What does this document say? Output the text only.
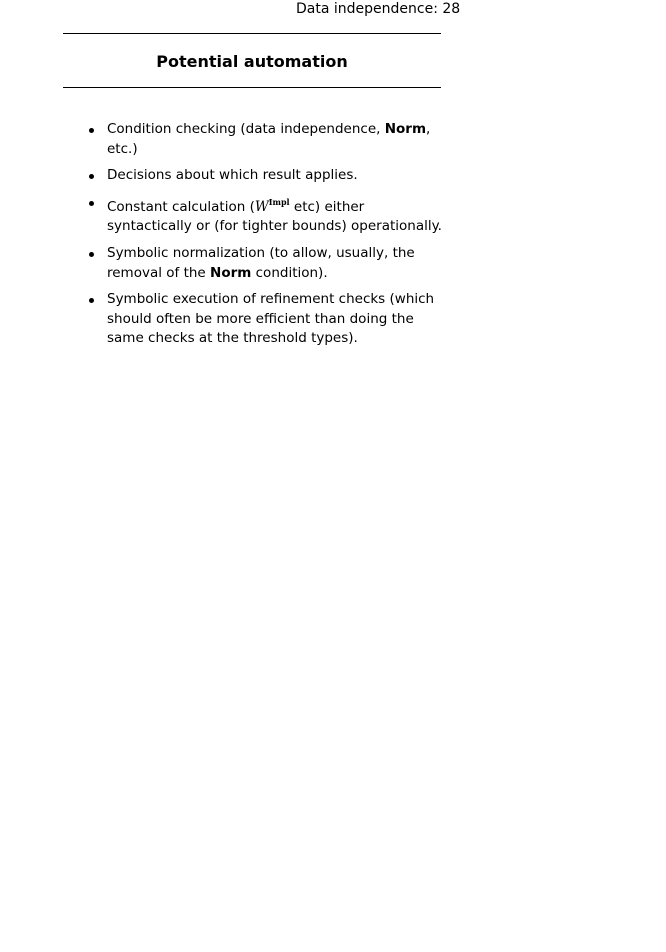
Data independence: 28
Potential automation
Condition checking (data independence, Norm, etc.)
Decisions about which result applies.
Constant calculation ($W^{Impl}$ etc) either syntactically or (for tighter bounds) operationally.
Symbolic normalization (to allow, usually, the removal of the Norm condition).
Symbolic execution of refinement checks (which should often be more efficient than doing the same checks at the threshold types).
